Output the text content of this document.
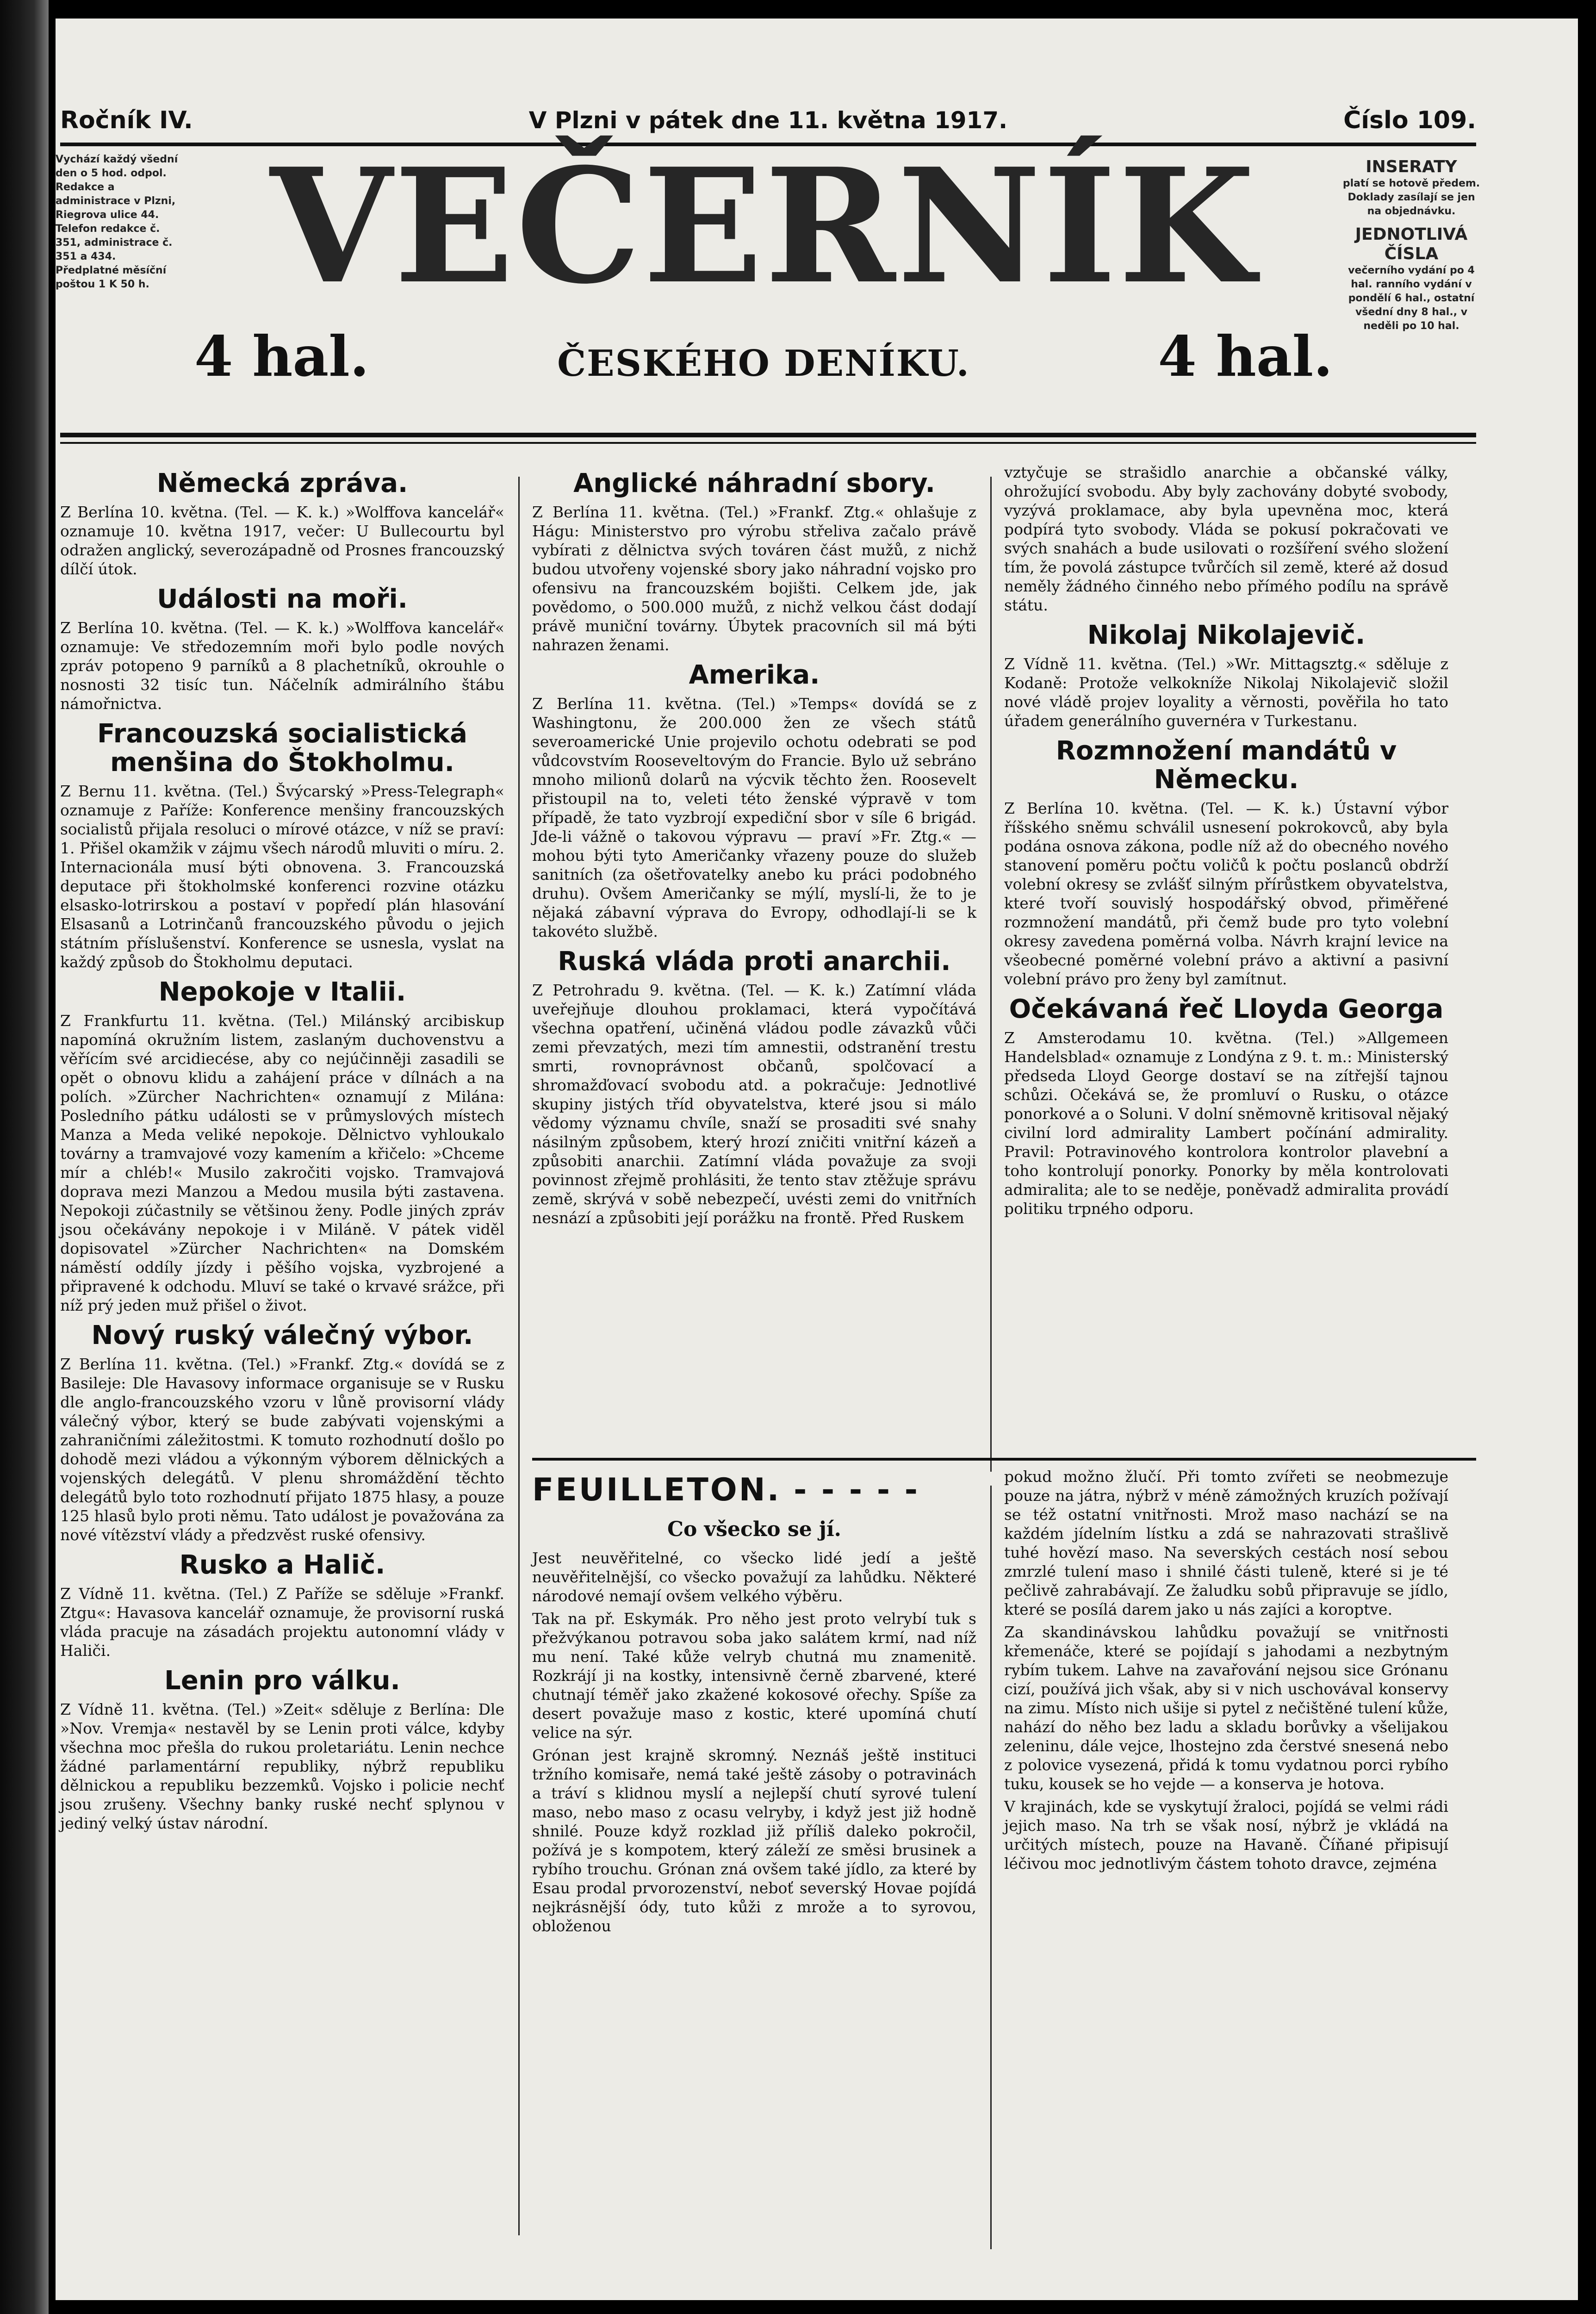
Ročník IV.	V Plzni v pátek dne 11. května 1917.	Číslo 109.
Vychází každý všední den o 5 hod. odpol. Redakce a administrace v Plzni, Riegrova ulice 44. Telefon redakce č. 351, administrace č. 351 a 434. Předplatné měsíční poštou 1 K 50 h.
INSERATY
platí se hotově předem. Doklady zasílají se jen na objednávku.
JEDNOTLIVÁ ČÍSLA
večerního vydání po 4 hal. ranního vydání v pondělí 6 hal., ostatní všední dny 8 hal., v neděli po 10 hal.
VEČERNÍK
4 hal.	ČESKÉHO DENÍKU.	4 hal.
Německá zpráva.
Z Berlína 10. května. (Tel. — K. k.) »Wolffova kancelář« oznamuje 10. května 1917, večer: U Bullecourtu byl odražen anglický, severozápadně od Prosnes francouzský dílčí útok.
Události na moři.
Z Berlína 10. května. (Tel. — K. k.) »Wolffova kancelář« oznamuje: Ve středozemním moři bylo podle nových zpráv potopeno 9 parníků a 8 plachetníků, okrouhle o nosnosti 32 tisíc tun. Náčelník admirálního štábu námořnictva.
Francouzská socialistická menšina do Štokholmu.
Z Bernu 11. května. (Tel.) Švýcarský »Press-Telegraph« oznamuje z Paříže: Konference menšiny francouzských socialistů přijala resoluci o mírové otázce, v níž se praví: 1. Přišel okamžik v zájmu všech národů mluviti o míru. 2. Internacionála musí býti obnovena. 3. Francouzská deputace při štokholmské konferenci rozvine otázku elsasko-lotrirskou a postaví v popředí plán hlasování Elsasanů a Lotrinčanů francouzského původu o jejich státním příslušenství. Konference se usnesla, vyslat na každý způsob do Štokholmu deputaci.
Nepokoje v Italii.
Z Frankfurtu 11. května. (Tel.) Milánský arcibiskup napomíná okružním listem, zaslaným duchovenstvu a věřícím své arcidiecése, aby co nejúčinněji zasadili se opět o obnovu klidu a zahájení práce v dílnách a na polích. »Zürcher Nachrichten« oznamují z Milána: Posledního pátku události se v průmyslových místech Manza a Meda veliké nepokoje. Dělnictvo vyhloukalo továrny a tramvajové vozy kamením a křičelo: »Chceme mír a chléb!« Musilo zakročiti vojsko. Tramvajová doprava mezi Manzou a Medou musila býti zastavena. Nepokoji zúčastnily se většinou ženy. Podle jiných zpráv jsou očekávány nepokoje i v Miláně. V pátek viděl dopisovatel »Zürcher Nachrichten« na Domském náměstí oddíly jízdy i pěšího vojska, vyzbrojené a připravené k odchodu. Mluví se také o krvavé srážce, při níž prý jeden muž přišel o život.
Nový ruský válečný výbor.
Z Berlína 11. května. (Tel.) »Frankf. Ztg.« dovídá se z Basileje: Dle Havasovy informace organisuje se v Rusku dle anglo-francouzského vzoru v lůně provisorní vlády válečný výbor, který se bude zabývati vojenskými a zahraničními záležitostmi. K tomuto rozhodnutí došlo po dohodě mezi vládou a výkonným výborem dělnických a vojenských delegátů. V plenu shromáždění těchto delegátů bylo toto rozhodnutí přijato 1875 hlasy, a pouze 125 hlasů bylo proti němu. Tato událost je považována za nové vítězství vlády a předzvěst ruské ofensivy.
Rusko a Halič.
Z Vídně 11. května. (Tel.) Z Paříže se sděluje »Frankf. Ztgu«: Havasova kancelář oznamuje, že provisorní ruská vláda pracuje na zásadách projektu autonomní vlády v Haliči.
Lenin pro válku.
Z Vídně 11. května. (Tel.) »Zeit« sděluje z Berlína: Dle »Nov. Vremja« nestavěl by se Lenin proti válce, kdyby všechna moc přešla do rukou proletariátu. Lenin nechce žádné parlamentární republiky, nýbrž republiku dělnickou a republiku bezzemků. Vojsko i policie nechť jsou zrušeny. Všechny banky ruské nechť splynou v jediný velký ústav národní.
Anglické náhradní sbory.
Z Berlína 11. května. (Tel.) »Frankf. Ztg.« ohlašuje z Hágu: Ministerstvo pro výrobu střeliva začalo právě vybírati z dělnictva svých továren část mužů, z nichž budou utvořeny vojenské sbory jako náhradní vojsko pro ofensivu na francouzském bojišti. Celkem jde, jak povědomo, o 500.000 mužů, z nichž velkou část dodají právě muniční továrny. Úbytek pracovních sil má býti nahrazen ženami.
Amerika.
Z Berlína 11. května. (Tel.) »Temps« dovídá se z Washingtonu, že 200.000 žen ze všech států severoamerické Unie projevilo ochotu odebrati se pod vůdcovstvím Rooseveltovým do Francie. Bylo už sebráno mnoho milionů dolarů na výcvik těchto žen. Roosevelt přistoupil na to, veleti této ženské výpravě v tom případě, že tato vyzbrojí expediční sbor v síle 6 brigád. Jde-li vážně o takovou výpravu — praví »Fr. Ztg.« — mohou býti tyto Američanky vřazeny pouze do služeb sanitních (za ošetřovatelky anebo ku práci podobného druhu). Ovšem Američanky se mýlí, myslí-li, že to je nějaká zábavní výprava do Evropy, odhodlají-li se k takovéto službě.
Ruská vláda proti anarchii.
Z Petrohradu 9. května. (Tel. — K. k.) Zatímní vláda uveřejňuje dlouhou proklamaci, která vypočítává všechna opatření, učiněná vládou podle závazků vůči zemi převzatých, mezi tím amnestii, odstranění trestu smrti, rovnoprávnost občanů, spolčovací a shromažďovací svobodu atd. a pokračuje: Jednotlivé skupiny jistých tříd obyvatelstva, které jsou si málo vědomy významu chvíle, snaží se prosaditi své snahy násilným způsobem, který hrozí zničiti vnitřní kázeň a způsobiti anarchii. Zatímní vláda považuje za svoji povinnost zřejmě prohlásiti, že tento stav ztěžuje správu země, skrývá v sobě nebezpečí, uvésti zemi do vnitřních nesnází a způsobiti její porážku na frontě. Před Ruskem
vztyčuje se strašidlo anarchie a občanské války, ohrožující svobodu. Aby byly zachovány dobyté svobody, vyzývá proklamace, aby byla upevněna moc, která podpírá tyto svobody. Vláda se pokusí pokračovati ve svých snahách a bude usilovati o rozšíření svého složení tím, že povolá zástupce tvůrčích sil země, které až dosud neměly žádného činného nebo přímého podílu na správě státu.
Nikolaj Nikolajevič.
Z Vídně 11. května. (Tel.) »Wr. Mittagsztg.« sděluje z Kodaně: Protože velkokníže Nikolaj Nikolajevič složil nové vládě projev loyality a věrnosti, pověřila ho tato úřadem generálního guvernéra v Turkestanu.
Rozmnožení mandátů v Německu.
Z Berlína 10. května. (Tel. — K. k.) Ústavní výbor říšského sněmu schválil usnesení pokrokovců, aby byla podána osnova zákona, podle níž až do obecného nového stanovení poměru počtu voličů k počtu poslanců obdrží volební okresy se zvlášť silným přírůstkem obyvatelstva, které tvoří souvislý hospodářský obvod, přiměřené rozmnožení mandátů, při čemž bude pro tyto volební okresy zavedena poměrná volba. Návrh krajní levice na všeobecné poměrné volební právo a aktivní a pasivní volební právo pro ženy byl zamítnut.
Očekávaná řeč Lloyda Georga
Z Amsterodamu 10. května. (Tel.) »Allgemeen Handelsblad« oznamuje z Londýna z 9. t. m.: Ministerský předseda Lloyd George dostaví se na zítřejší tajnou schůzi. Očekává se, že promluví o Rusku, o otázce ponorkové a o Soluni. V dolní sněmovně kritisoval nějaký civilní lord admirality Lambert počínání admirality. Pravil: Potravinového kontrolora kontrolor plavební a toho kontrolují ponorky. Ponorky by měla kontrolovati admiralita; ale to se neděje, poněvadž admiralita provádí politiku trpného odporu.
FEUILLETON. - - - - -
Co všecko se jí.
Jest neuvěřitelné, co všecko lidé jedí a ještě neuvěřitelnější, co všecko považují za lahůdku. Některé národové nemají ovšem velkého výběru.
Tak na př. Eskymák. Pro něho jest proto velrybí tuk s přežvýkanou potravou soba jako salátem krmí, nad níž mu není. Také kůže velryb chutná mu znamenitě. Rozkrájí ji na kostky, intensivně černě zbarvené, které chutnají téměř jako zkažené kokosové ořechy. Spíše za desert považuje maso z kostic, které upomíná chutí velice na sýr.
Grónan jest krajně skromný. Neznáš ještě instituci tržního komisaře, nemá také ještě zásoby o potravinách a tráví s klidnou myslí a nejlepší chutí syrové tulení maso, nebo maso z ocasu velryby, i když jest již hodně shnilé. Pouze když rozklad již příliš daleko pokročil, požívá je s kompotem, který záleží ze směsi brusinek a rybího trouchu. Grónan zná ovšem také jídlo, za které by Esau prodal prvorozenství, neboť severský Hovae pojídá nejkrásnější ódy, tuto kůži z mrože a to syrovou, obloženou
pokud možno žlučí. Při tomto zvířeti se neobmezuje pouze na játra, nýbrž v méně zámožných kruzích požívají se též ostatní vnitřnosti. Mrož maso nachází se na každém jídelním lístku a zdá se nahrazovati strašlivě tuhé hovězí maso. Na severských cestách nosí sebou zmrzlé tulení maso i shnilé části tuleně, které si je té pečlivě zahrabávají. Ze žaludku sobů připravuje se jídlo, které se posílá darem jako u nás zajíci a koroptve.
Za skandinávskou lahůdku považují se vnitřnosti křemenáče, které se pojídají s jahodami a nezbytným rybím tukem. Lahve na zavařování nejsou sice Grónanu cizí, používá jich však, aby si v nich uschovával konservy na zimu. Místo nich ušije si pytel z nečištěné tulení kůže, nahází do něho bez ladu a skladu borůvky a všelijakou zeleninu, dále vejce, lhostejno zda čerstvé snesená nebo z polovice vysezená, přidá k tomu vydatnou porci rybího tuku, kousek se ho vejde — a konserva je hotova.
V krajinách, kde se vyskytují žraloci, pojídá se velmi rádi jejich maso. Na trh se však nosí, nýbrž je vkládá na určitých místech, pouze na Havaně. Číňané připisují léčivou moc jednotlivým částem tohoto dravce, zejména
